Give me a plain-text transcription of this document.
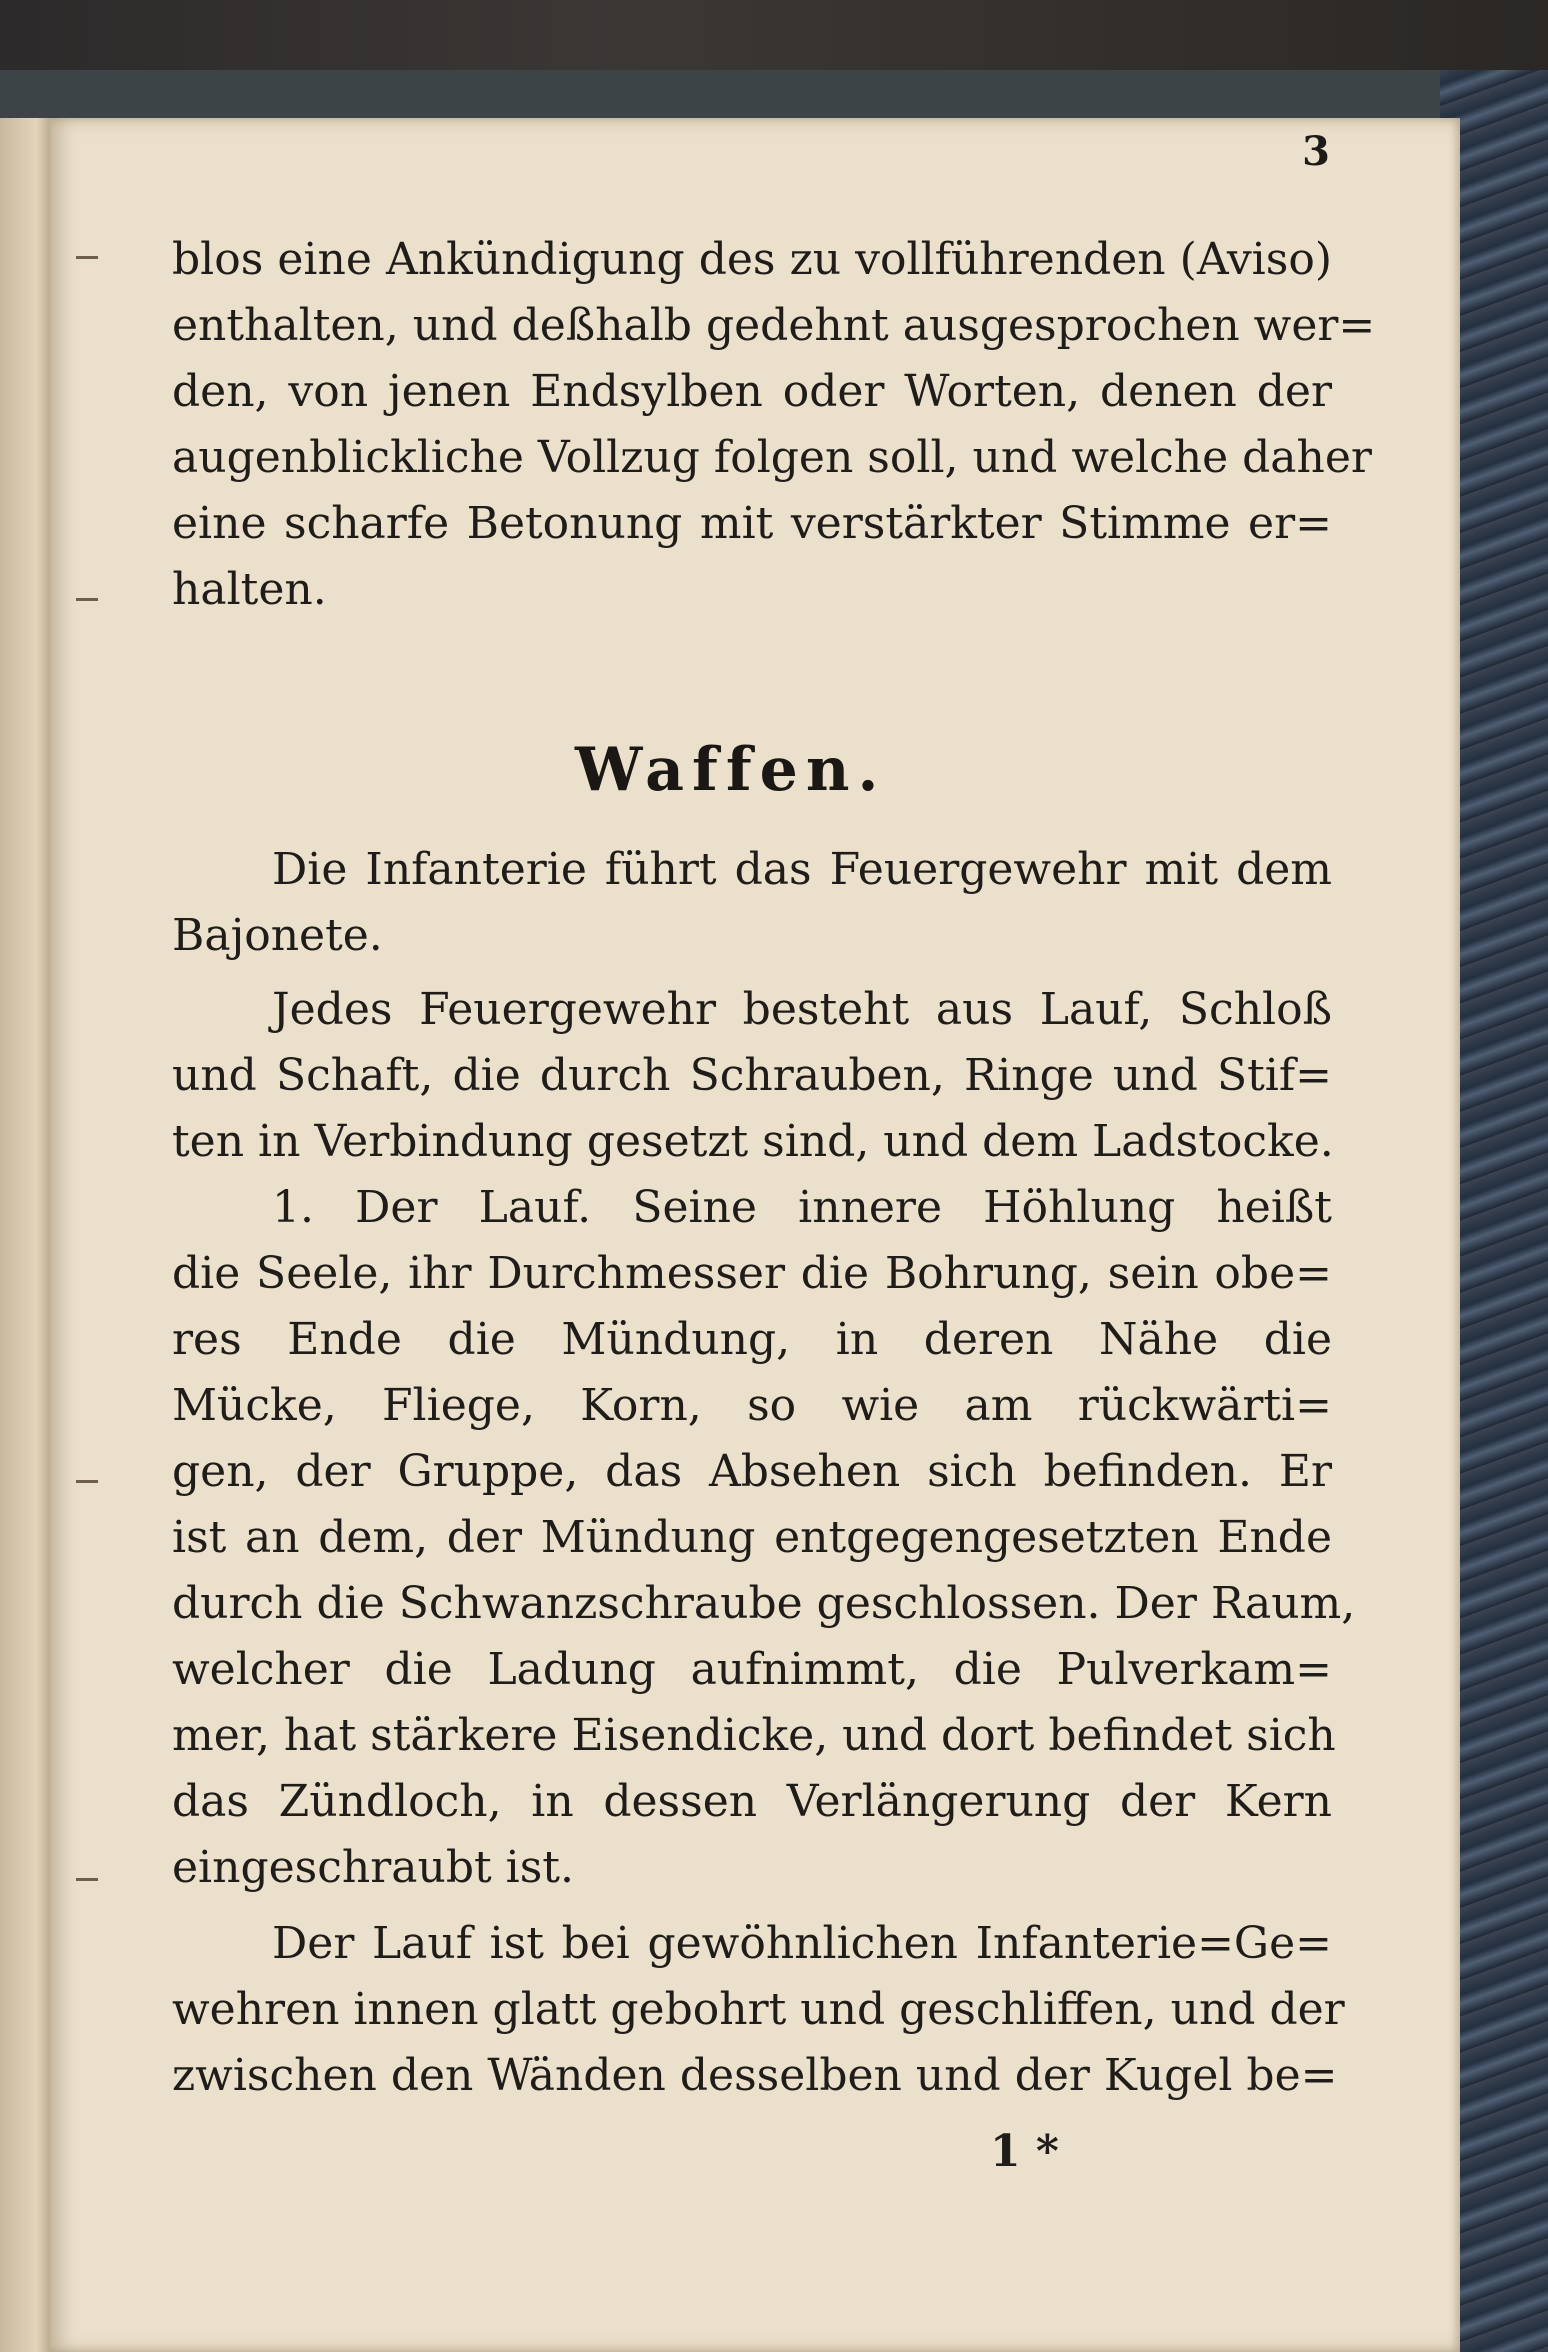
3
blos eine Ankündigung des zu vollführenden (Aviso)
enthalten, und deßhalb gedehnt ausgesprochen wer=
den, von jenen Endsylben oder Worten, denen der
augenblickliche Vollzug folgen soll, und welche daher
eine scharfe Betonung mit verstärkter Stimme er=
halten.
Die Infanterie führt das Feuergewehr mit dem
Bajonete.
Jedes Feuergewehr besteht aus Lauf, Schloß
und Schaft, die durch Schrauben, Ringe und Stif=
ten in Verbindung gesetzt sind, und dem Ladstocke.
1. Der Lauf. Seine innere Höhlung heißt
die Seele, ihr Durchmesser die Bohrung, sein obe=
res Ende die Mündung, in deren Nähe die
Mücke, Fliege, Korn, so wie am rückwärti=
gen, der Gruppe, das Absehen sich befinden. Er
ist an dem, der Mündung entgegengesetzten Ende
durch die Schwanzschraube geschlossen. Der Raum,
welcher die Ladung aufnimmt, die Pulverkam=
mer, hat stärkere Eisendicke, und dort befindet sich
das Zündloch, in dessen Verlängerung der Kern
eingeschraubt ist.
Der Lauf ist bei gewöhnlichen Infanterie=Ge=
wehren innen glatt gebohrt und geschliffen, und der
zwischen den Wänden desselben und der Kugel be=
Waffen.
1 *
